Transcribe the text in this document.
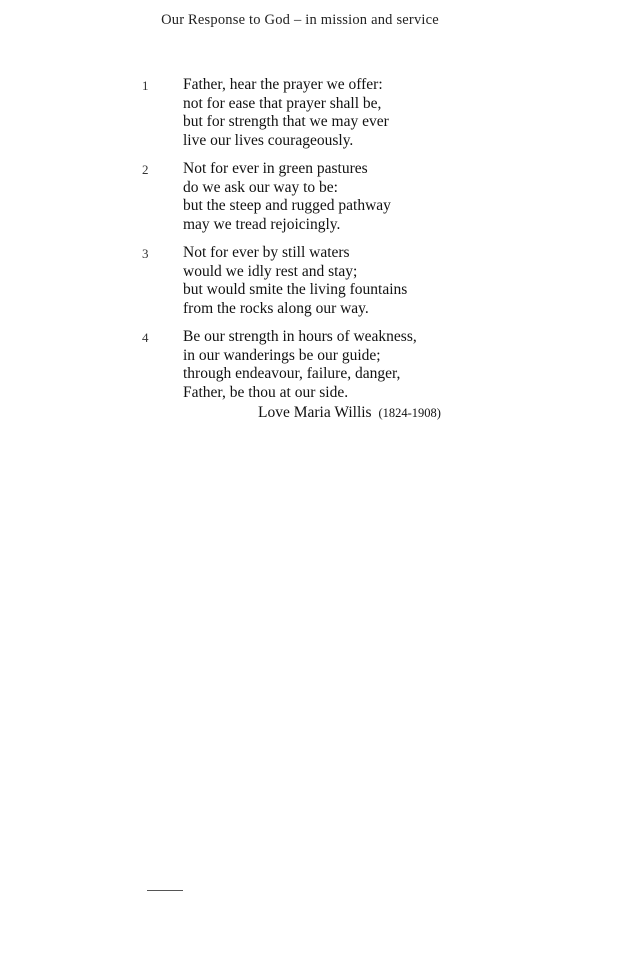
Our Response to God – in mission and service
1 Father, hear the prayer we offer:
not for ease that prayer shall be,
but for strength that we may ever
live our lives courageously.
2 Not for ever in green pastures
do we ask our way to be:
but the steep and rugged pathway
may we tread rejoicingly.
3 Not for ever by still waters
would we idly rest and stay;
but would smite the living fountains
from the rocks along our way.
4 Be our strength in hours of weakness,
in our wanderings be our guide;
through endeavour, failure, danger,
Father, be thou at our side.
Love Maria Willis (1824-1908)
